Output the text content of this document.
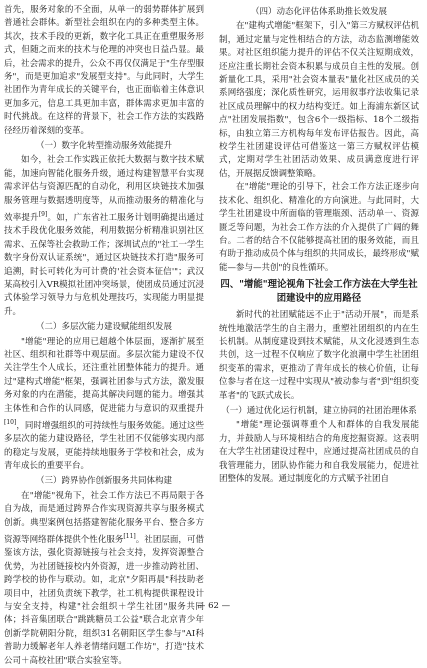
首先，服务对象的不全面，从单一的弱势群体扩展到普通社会群体。新型社会组织在内的多种类型主体。其次，技术手段的更新，数字化工具正在重塑服务形式，但随之而来的技术与伦理的冲突也日益凸显。最后，社会需求的提升，公众不再仅仅满足于"生存型服务"，而是更加追求"发展型支持"。与此同时，大学生社团作为青年成长的关键平台，也正面临着主体意识更加多元，信息工具更加丰富，群体需求更加丰富的时代挑战。在这样的背景下，社会工作方法的实践路径经历着深刻的变革。

（一）数字化转型推动服务效能提升

如今，社会工作实践正依托大数据与数字技术赋能，加速向智能化服务升级，通过构建智慧平台实现需求评估与资源匹配的自动化，利用区块链技术加强服务管理与数据透明度等，从而推动服务的精准化与效率提升[9]。如，广东省社工服务计划明确提出通过技术手段优化服务效能，利用数据分析精准识别社区需求、五保等社会救助工作；深圳试点的"社工一学生数字身份双认证系统"，通过区块链技术打造"服务可追溯，时长可转化为可计费的'社会资本征信'"；武汉某高校引入VR模拟社团冲突场景，使团成员通过沉浸式体验学习领导力与危机处理技巧，实现能力明显提升。

（二）多层次能力建设赋能组织发展

"增能"理论的应用已超越个体层面，逐渐扩展至社区、组织和社群等中观层面。多层次能力建设不仅关注学生个人成长，还注重社团整体能力的提升。通过"建构式增能"框架，强调社团参与式方法，激发服务对象的内在潜能，提高其解决问题的能力。增强其主体性和合作的认同感，促进能力与意识的双重提升[10]，同时增强组织的可持续性与服务效能。通过这些多层次的能力建设路径，学生社团不仅能够实现内部的稳定与发展，更能持续地服务于学校和社会，成为青年成长的重要平台。

（三）跨界协作创新服务共同体构建

在"增能"视角下，社会工作方法已不再局限于各自为战，而是通过跨界合作实现资源共享与服务模式创新。典型案例包括搭建智能化服务平台、整合多方资源等网络群体提供个性化服务[11]。社团层面，可借鉴该方法，强化资源链接与社会支持，发挥资源整合优势，为社团链接校内外资源，进一步推动跨社团、跨学校的协作与联动。如，北京"夕阳再晨"科技助老项目中，社团负责统下教学，社工机构提供课程设计与安全支持，构建"社会组织＋学生社团"服务共同体；抖音集团联合"跳跳糖员工公益"联合北京青少年创新学院朝阳分院，组织31名朝阳区学生参与"AI科普助力缓解老年人养老情绪问题工作坊"，打造"技术公司＋高校社团"联合实验室等。

（四）动态化评估体系助推长效发展

在"建构式增能"框架下，引入"第三方赋权评估机制，通过定量与定性相结合的方法，动态监测增能效果。对社区组织能力提升的评估不仅关注短期成效，还应注重长期社会资本积累与成员自主性的发展。创新量化工具，采用"社会资本量表"量化社区成员的关系网络强度；深化质性研究，运用叙事疗法收集记录社区成员理解中的权力结构变迁。如上海浦东新区试点"社团发展指数"，包含6个一级指标、18个二级指标，由独立第三方机构每年发布评估报告。因此，高校学生社团建设评估可借鉴这一第三方赋权评估模式，定期对学生社团活动效果、成员满意度进行评估，开展据反馈调整策略。

在"增能"理论的引导下，社会工作方法正逐步向技术化、组织化、精准化的方向演进。与此同时，大学生社团建设中所面临的管理瓶颈、活动单一、资源匮乏等问题，为社会工作方法的介入提供了广阔的舞台。二者的结合不仅能够提高社团的服务效能，而且有助于推动成员个体与组织的共同成长，最终形成"赋能—参与—共创"的良性循环。

四、"增能"理论视角下社会工作方法在大学生社团建设中的应用路径

新时代的社团赋能远不止于"活动开展"，而是系统性地激活学生的自主潜力，重塑社团组织的内在生长机制。从制度建设到技术赋能，从文化浸透到生态共创，这一过程不仅响应了数字化浪潮中学生社团组织变革的需求，更推动了青年成长的核心价值，让每位参与者在这一过程中实现从"被动参与者"到"组织变革者"的飞跃式成长。

（一）通过优化运行机制，建立协同的社团治理体系

"增能"理论强调尊重个人和群体的自我发展能力，并鼓励人与环境相结合的角度挖掘资源。这表明在大学生社团建设过程中，应通过提高社团成员的自我管理能力，团队协作能力和自我发展能力，促进社团整体的发展。通过制度化的方式赋予社团自

— 62 —
